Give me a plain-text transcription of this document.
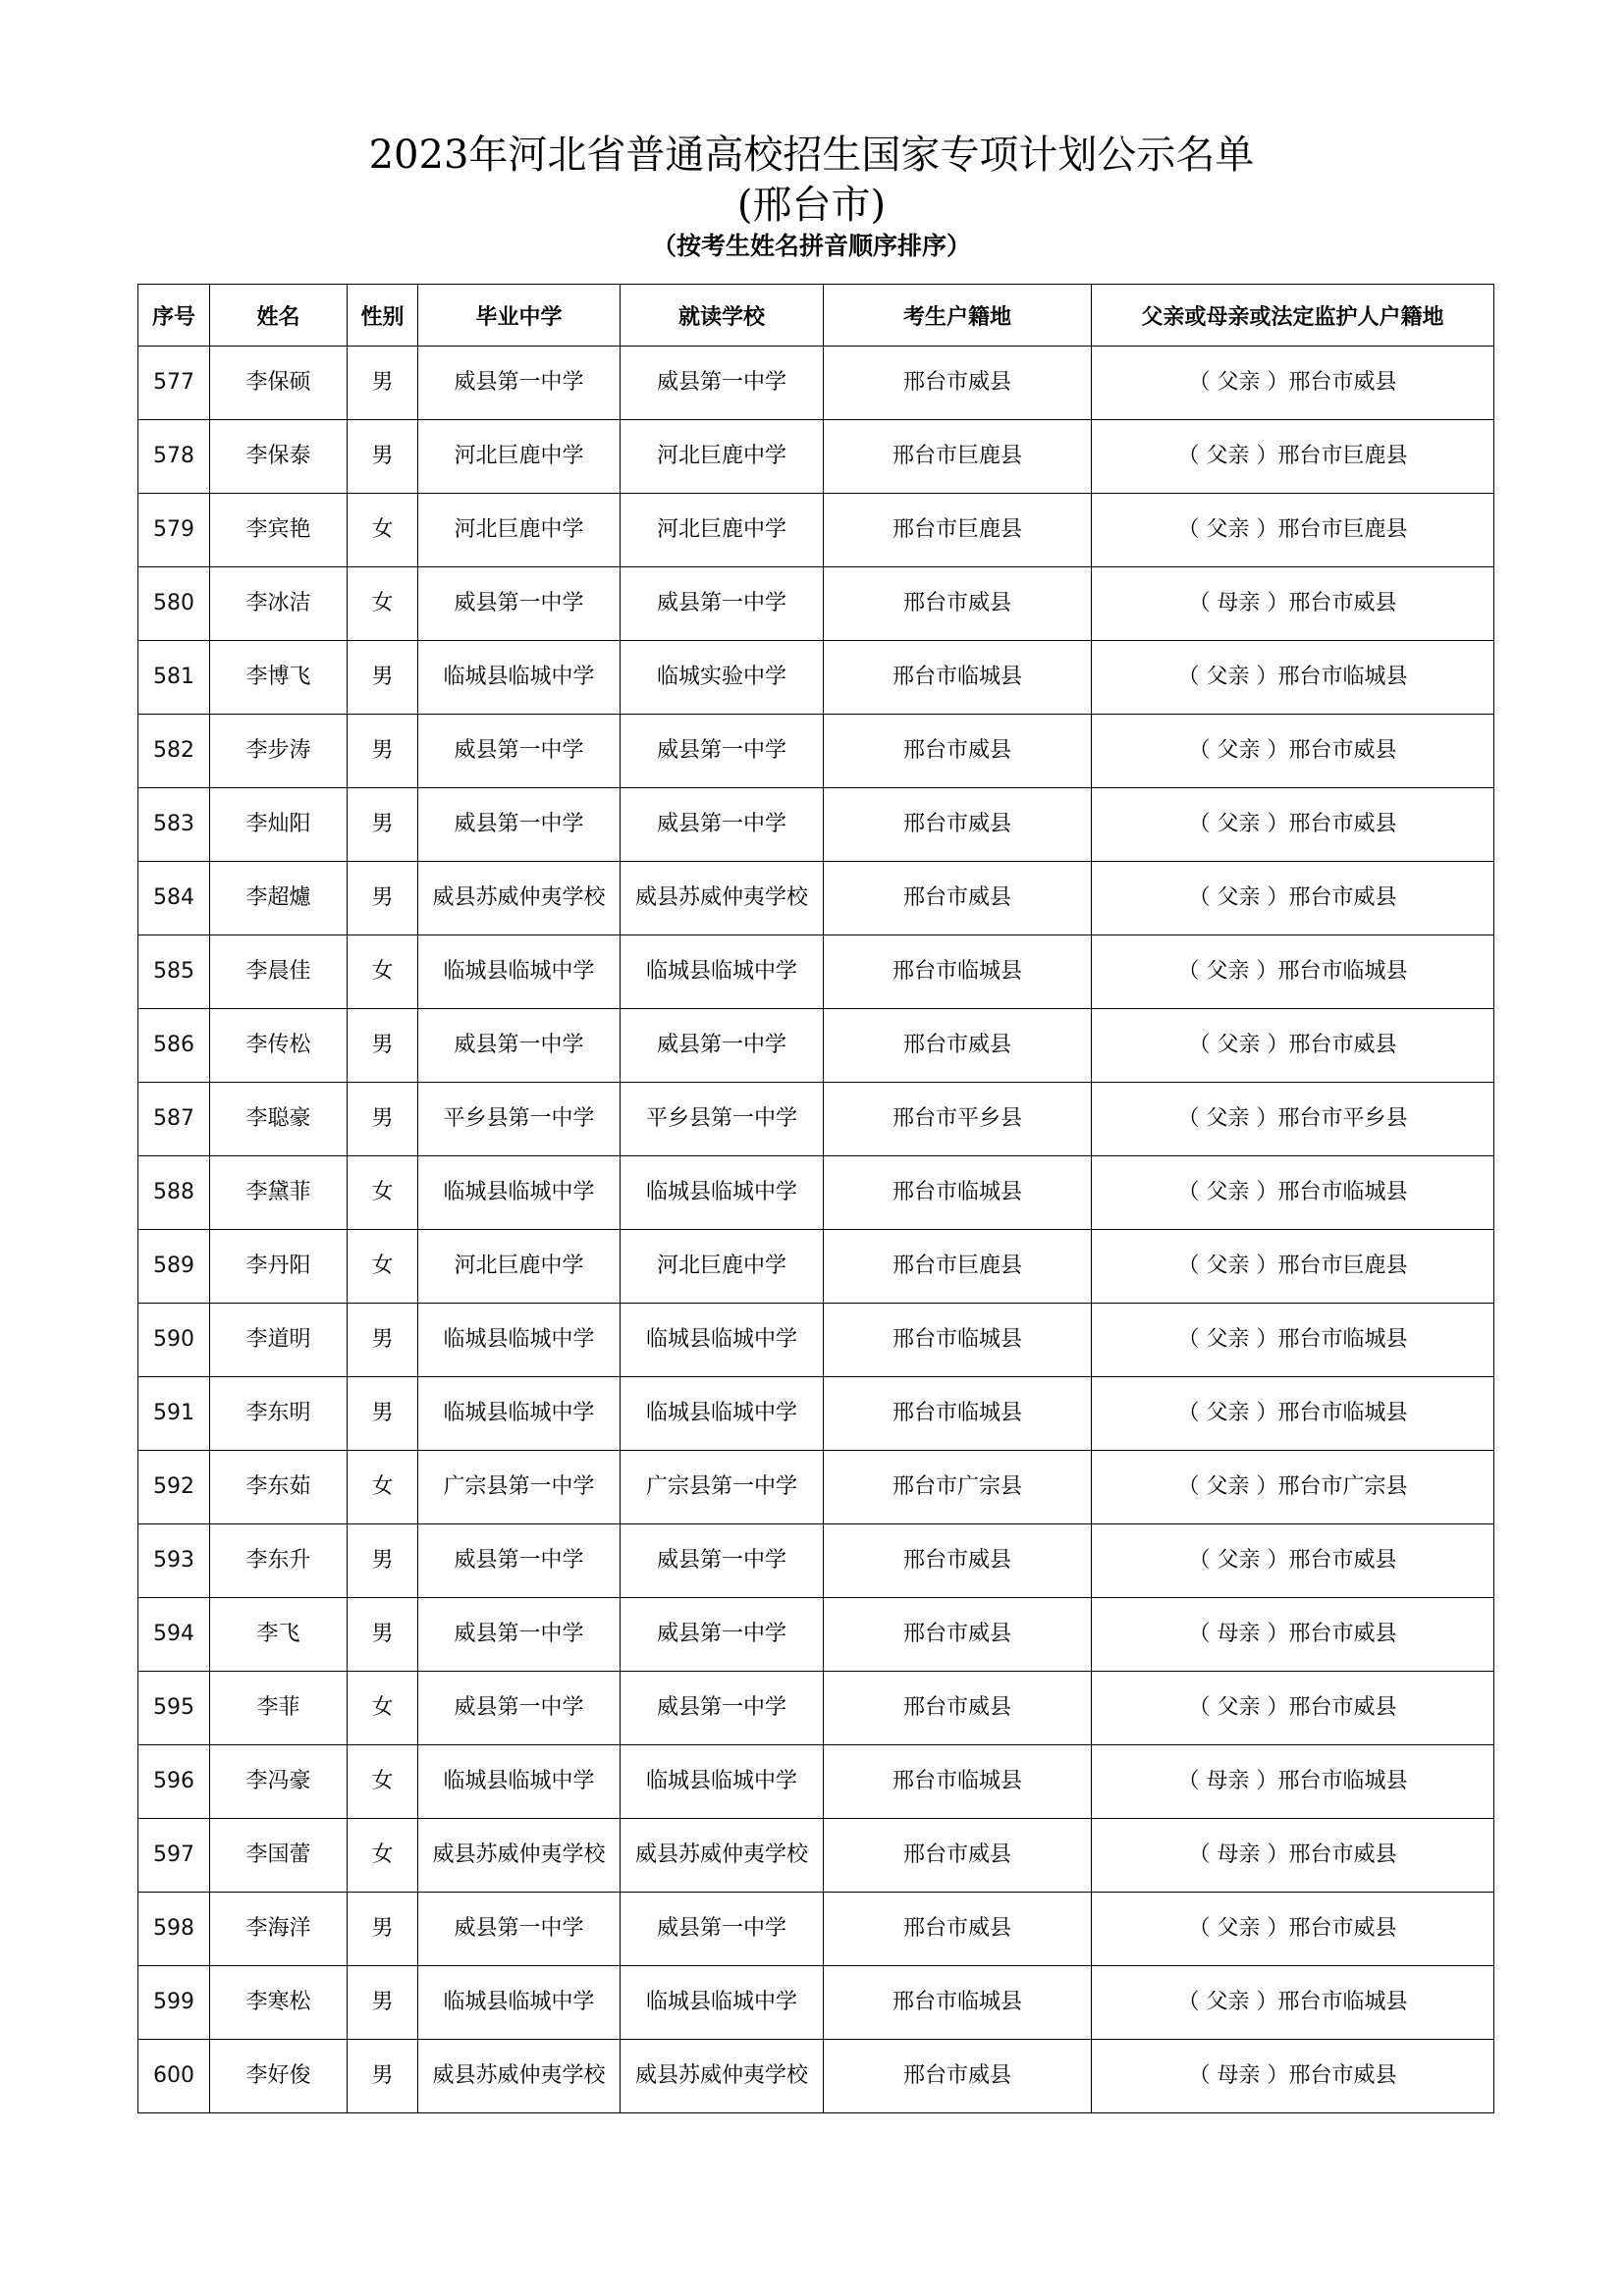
2023年河北省普通高校招生国家专项计划公示名单
(邢台市)
（按考生姓名拼音顺序排序）
序号	姓名	性别	毕业中学	就读学校	考生户籍地	父亲或母亲或法定监护人户籍地
577	李保硕	男	威县第一中学	威县第一中学	邢台市威县	（ 父亲 ）邢台市威县
578	李保泰	男	河北巨鹿中学	河北巨鹿中学	邢台市巨鹿县	（ 父亲 ）邢台市巨鹿县
579	李宾艳	女	河北巨鹿中学	河北巨鹿中学	邢台市巨鹿县	（ 父亲 ）邢台市巨鹿县
580	李冰洁	女	威县第一中学	威县第一中学	邢台市威县	（ 母亲 ）邢台市威县
581	李博飞	男	临城县临城中学	临城实验中学	邢台市临城县	（ 父亲 ）邢台市临城县
582	李步涛	男	威县第一中学	威县第一中学	邢台市威县	（ 父亲 ）邢台市威县
583	李灿阳	男	威县第一中学	威县第一中学	邢台市威县	（ 父亲 ）邢台市威县
584	李超爈	男	威县苏威仲夷学校	威县苏威仲夷学校	邢台市威县	（ 父亲 ）邢台市威县
585	李晨佳	女	临城县临城中学	临城县临城中学	邢台市临城县	（ 父亲 ）邢台市临城县
586	李传松	男	威县第一中学	威县第一中学	邢台市威县	（ 父亲 ）邢台市威县
587	李聪豪	男	平乡县第一中学	平乡县第一中学	邢台市平乡县	（ 父亲 ）邢台市平乡县
588	李黛菲	女	临城县临城中学	临城县临城中学	邢台市临城县	（ 父亲 ）邢台市临城县
589	李丹阳	女	河北巨鹿中学	河北巨鹿中学	邢台市巨鹿县	（ 父亲 ）邢台市巨鹿县
590	李道明	男	临城县临城中学	临城县临城中学	邢台市临城县	（ 父亲 ）邢台市临城县
591	李东明	男	临城县临城中学	临城县临城中学	邢台市临城县	（ 父亲 ）邢台市临城县
592	李东茹	女	广宗县第一中学	广宗县第一中学	邢台市广宗县	（ 父亲 ）邢台市广宗县
593	李东升	男	威县第一中学	威县第一中学	邢台市威县	（ 父亲 ）邢台市威县
594	李飞	男	威县第一中学	威县第一中学	邢台市威县	（ 母亲 ）邢台市威县
595	李菲	女	威县第一中学	威县第一中学	邢台市威县	（ 父亲 ）邢台市威县
596	李冯豪	女	临城县临城中学	临城县临城中学	邢台市临城县	（ 母亲 ）邢台市临城县
597	李国蕾	女	威县苏威仲夷学校	威县苏威仲夷学校	邢台市威县	（ 母亲 ）邢台市威县
598	李海洋	男	威县第一中学	威县第一中学	邢台市威县	（ 父亲 ）邢台市威县
599	李寒松	男	临城县临城中学	临城县临城中学	邢台市临城县	（ 父亲 ）邢台市临城县
600	李好俊	男	威县苏威仲夷学校	威县苏威仲夷学校	邢台市威县	（ 母亲 ）邢台市威县
